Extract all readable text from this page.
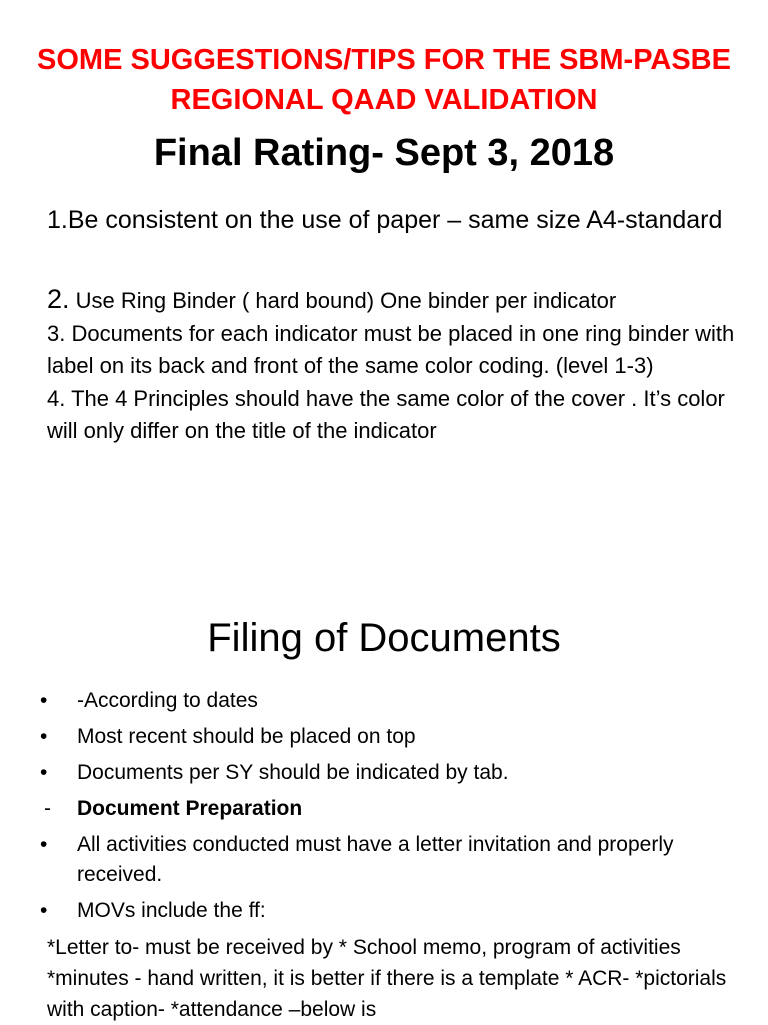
SOME SUGGESTIONS/TIPS FOR THE SBM-PASBE REGIONAL QAAD VALIDATION
Final Rating- Sept 3, 2018
1.Be consistent on the use of paper – same size A4-standard
2. Use Ring Binder ( hard bound) One binder per indicator
3. Documents for each indicator must be placed in one ring binder with label on its back and front of the same color coding. (level 1-3)
4. The 4 Principles should have the same color of the cover . It’s color will only differ on the title of the indicator
Filing of Documents
•	-According to dates
•	Most recent should be placed on top
•	Documents per SY should be indicated by tab.
-	Document Preparation
•	All activities conducted must have a letter invitation and properly received.
•	MOVs include the ff:
*Letter to- must be received by * School memo, program of activities *minutes - hand written, it is better if there is a template * ACR- *pictorials with caption- *attendance –below is
